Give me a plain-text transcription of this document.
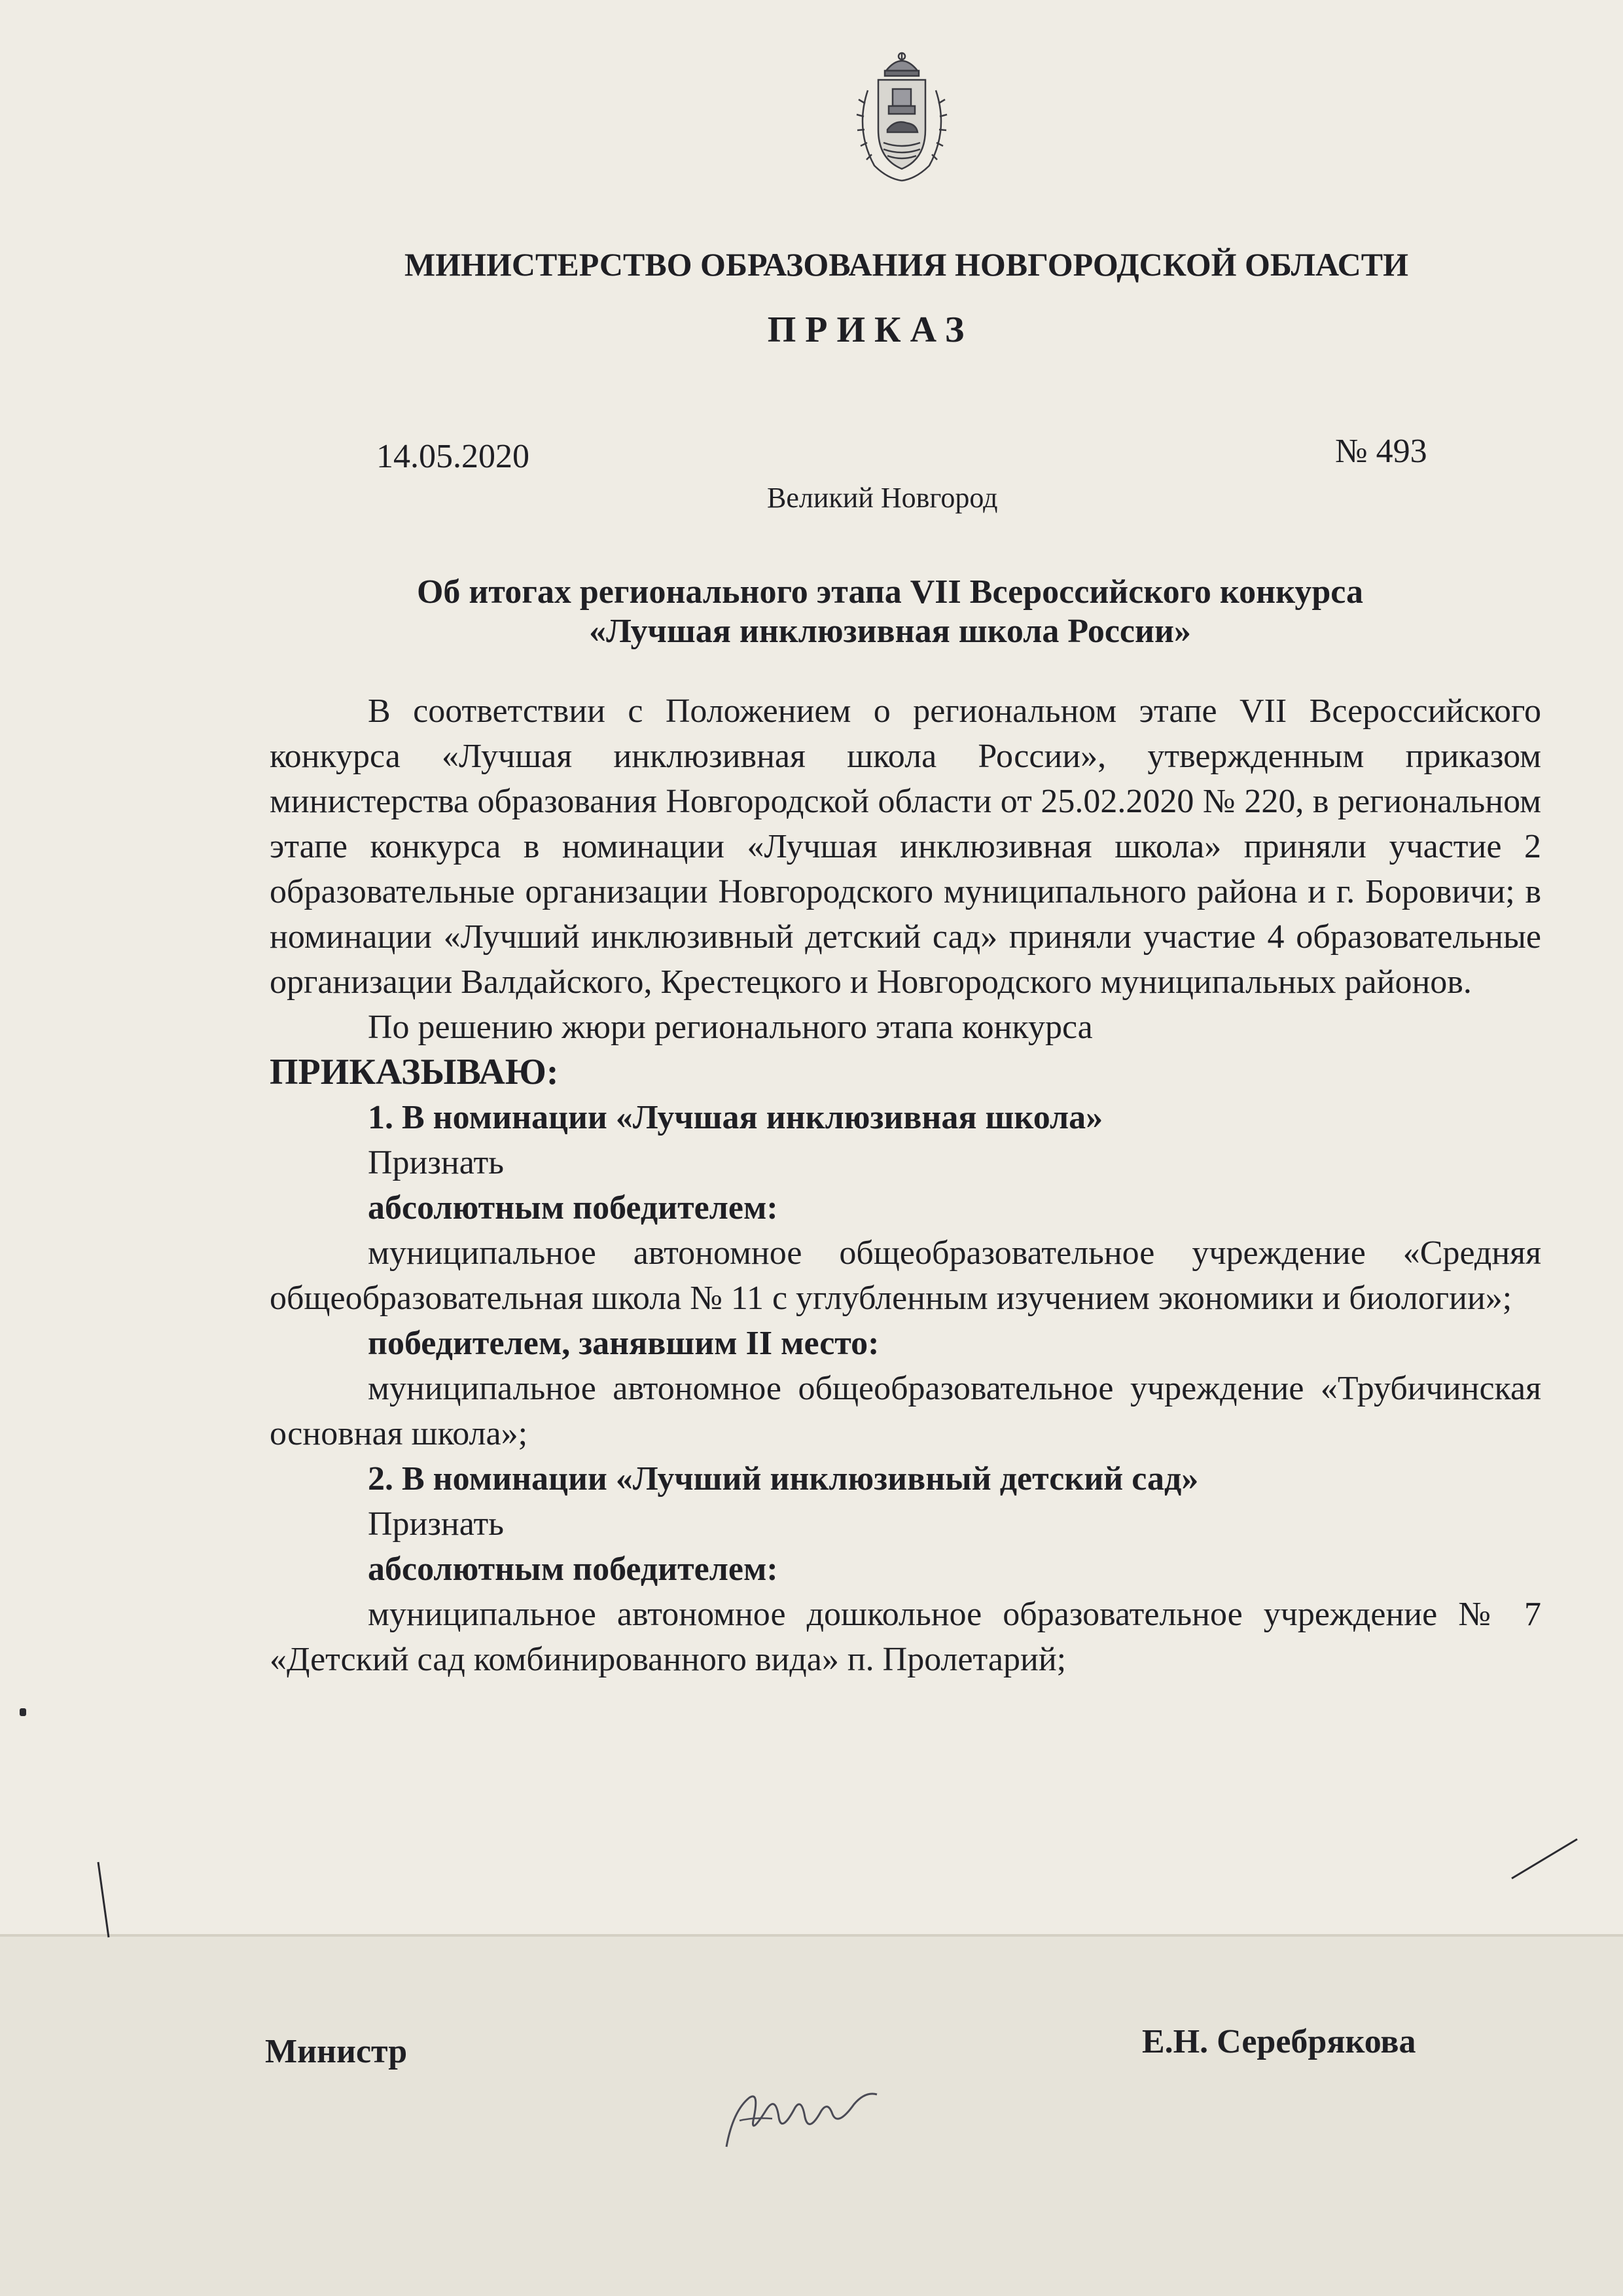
МИНИСТЕРСТВО ОБРАЗОВАНИЯ НОВГОРОДСКОЙ ОБЛАСТИ
ПРИКАЗ
14.05.2020	№ 493
Великий Новгород
Об итогах регионального этапа VII Всероссийского конкурса
«Лучшая инклюзивная школа России»

В соответствии с Положением о региональном этапе VII Всероссийского конкурса «Лучшая инклюзивная школа России», утвержденным приказом министерства образования Новгородской области от 25.02.2020 № 220, в региональном этапе конкурса в номинации «Лучшая инклюзивная школа» приняли участие 2 образовательные организации Новгородского муниципального района и г. Боровичи; в номинации «Лучший инклюзивный детский сад» приняли участие 4 образовательные организации Валдайского, Крестецкого и Новгородского муниципальных районов.

По решению жюри регионального этапа конкурса

ПРИКАЗЫВАЮ:

1. В номинации «Лучшая инклюзивная школа»

Признать

абсолютным победителем:

муниципальное автономное общеобразовательное учреждение «Средняя общеобразовательная школа № 11 с углубленным изучением экономики и биологии»;

победителем, занявшим II место:

муниципальное автономное общеобразовательное учреждение «Трубичинская основная школа»;

2. В номинации «Лучший инклюзивный детский сад»

Признать

абсолютным победителем:

муниципальное автономное дошкольное образовательное учреждение № 7 «Детский сад комбинированного вида» п. Пролетарий;

Министр	Е.Н. Серебрякова
